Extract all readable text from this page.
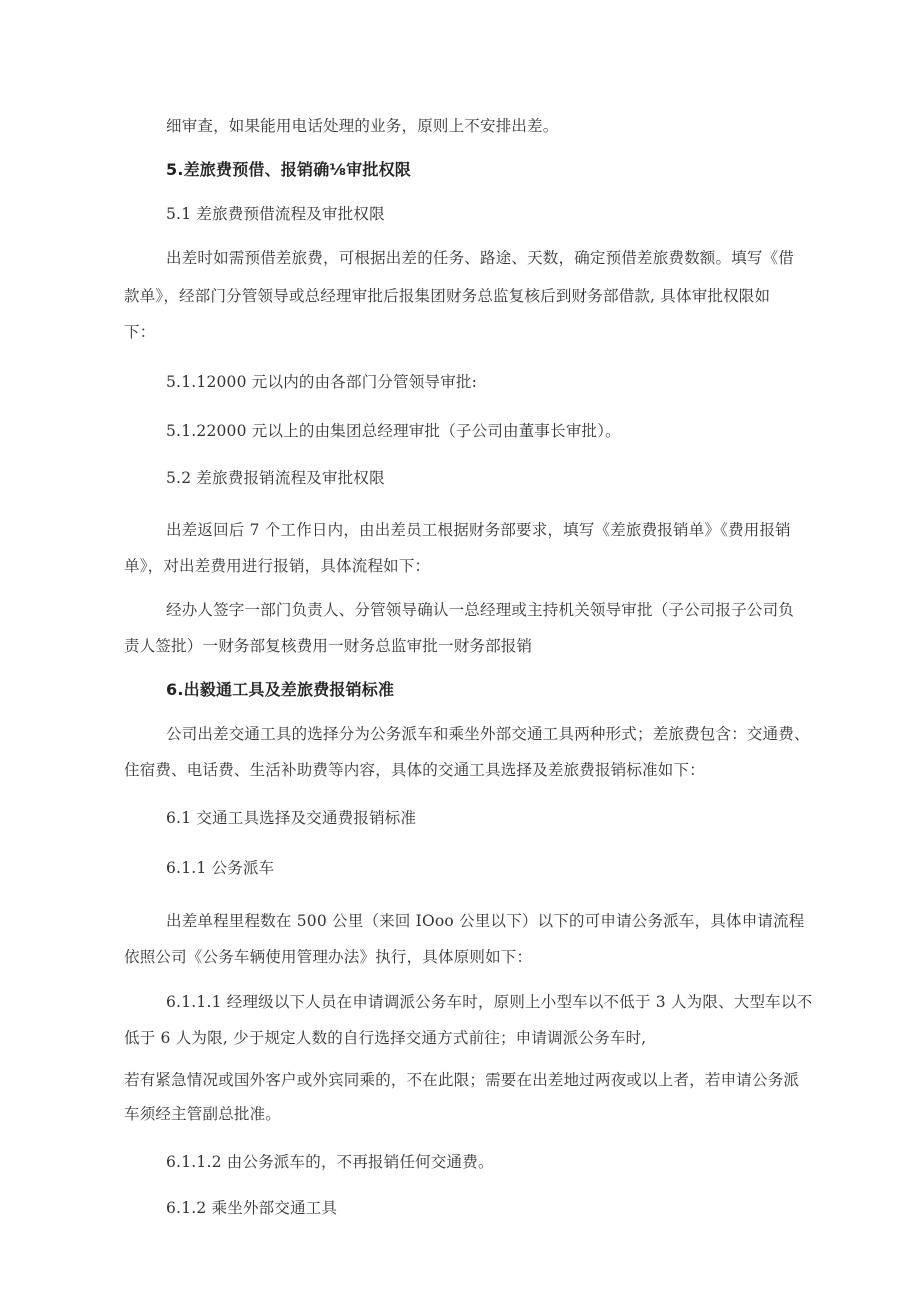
细审查，如果能用电话处理的业务，原则上不安排出差。
5.差旅费预借、报销确⅛审批权限
5.1 差旅费预借流程及审批权限
出差时如需预借差旅费，可根据出差的任务、路途、天数，确定预借差旅费数额。填写《借
款单》，经部门分管领导或总经理审批后报集团财务总监复核后到财务部借款, 具体审批权限如
下：
5.1.12000 元以内的由各部门分管领导审批:
5.1.22000 元以上的由集团总经理审批（子公司由董事长审批）。
5.2 差旅费报销流程及审批权限
出差返回后 7 个工作日内，由出差员工根据财务部要求，填写《差旅费报销单》《费用报销
单》，对出差费用进行报销，具体流程如下：
经办人签字一部门负责人、分管领导确认一总经理或主持机关领导审批（子公司报子公司负
责人签批）一财务部复核费用一财务总监审批一财务部报销
6.出毅通工具及差旅费报销标准
公司出差交通工具的选择分为公务派车和乘坐外部交通工具两种形式；差旅费包含：交通费、
住宿费、电话费、生活补助费等内容，具体的交通工具选择及差旅费报销标准如下：
6.1 交通工具选择及交通费报销标准
6.1.1 公务派车
出差单程里程数在 500 公里（来回 IOoo 公里以下）以下的可申请公务派车，具体申请流程
依照公司《公务车辆使用管理办法》执行，具体原则如下：
6.1.1.1 经理级以下人员在申请调派公务车时，原则上小型车以不低于 3 人为限、大型车以不
低于 6 人为限, 少于规定人数的自行选择交通方式前往；申请调派公务车时,
若有紧急情况或国外客户或外宾同乘的，不在此限；需要在出差地过两夜或以上者，若申请公务派
车须经主管副总批准。
6.1.1.2 由公务派车的，不再报销任何交通费。
6.1.2 乘坐外部交通工具
